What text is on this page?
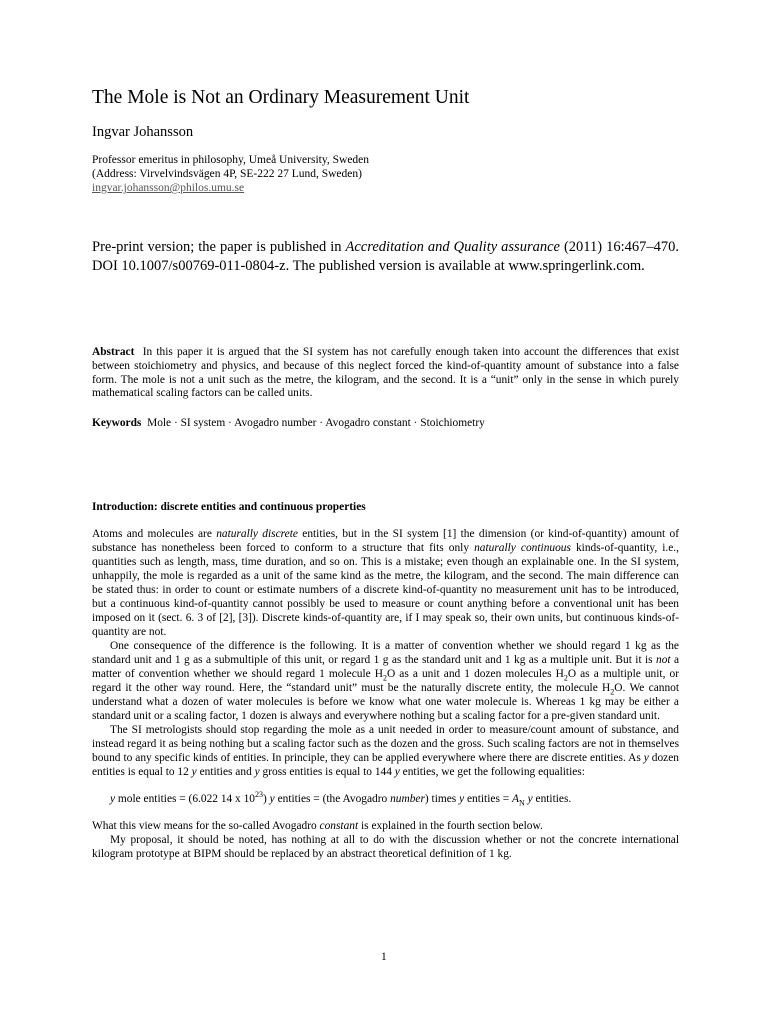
The Mole is Not an Ordinary Measurement Unit
Ingvar Johansson
Professor emeritus in philosophy, Umeå University, Sweden
(Address: Virvelvindsvägen 4P, SE-222 27 Lund, Sweden)
ingvar.johansson@philos.umu.se
Pre-print version; the paper is published in Accreditation and Quality assurance (2011) 16:467–470. DOI 10.1007/s00769-011-0804-z. The published version is available at www.springerlink.com.
Abstract In this paper it is argued that the SI system has not carefully enough taken into account the differences that exist between stoichiometry and physics, and because of this neglect forced the kind-of-quantity amount of substance into a false form. The mole is not a unit such as the metre, the kilogram, and the second. It is a “unit” only in the sense in which purely mathematical scaling factors can be called units.
Keywords Mole · SI system · Avogadro number · Avogadro constant · Stoichiometry
Introduction: discrete entities and continuous properties

Atoms and molecules are naturally discrete entities, but in the SI system [1] the dimension (or kind-of-quantity) amount of substance has nonetheless been forced to conform to a structure that fits only naturally continuous kinds-of-quantity, i.e., quantities such as length, mass, time duration, and so on. This is a mistake; even though an explainable one. In the SI system, unhappily, the mole is regarded as a unit of the same kind as the metre, the kilogram, and the second. The main difference can be stated thus: in order to count or estimate numbers of a discrete kind-of-quantity no measurement unit has to be introduced, but a continuous kind-of-quantity cannot possibly be used to measure or count anything before a conventional unit has been imposed on it (sect. 6. 3 of [2], [3]). Discrete kinds-of-quantity are, if I may speak so, their own units, but continuous kinds-of-quantity are not.

One consequence of the difference is the following. It is a matter of convention whether we should regard 1 kg as the standard unit and 1 g as a submultiple of this unit, or regard 1 g as the standard unit and 1 kg as a multiple unit. But it is not a matter of convention whether we should regard 1 molecule $H_2O$ as a unit and 1 dozen molecules $H_2O$ as a multiple unit, or regard it the other way round. Here, the “standard unit” must be the naturally discrete entity, the molecule $H_2O$. We cannot understand what a dozen of water molecules is before we know what one water molecule is. Whereas 1 kg may be either a standard unit or a scaling factor, 1 dozen is always and everywhere nothing but a scaling factor for a pre-given standard unit.

The SI metrologists should stop regarding the mole as a unit needed in order to measure/count amount of substance, and instead regard it as being nothing but a scaling factor such as the dozen and the gross. Such scaling factors are not in themselves bound to any specific kinds of entities. In principle, they can be applied everywhere where there are discrete entities. As y dozen entities is equal to 12 y entities and y gross entities is equal to 144 y entities, we get the following equalities:

y mole entities = (6.022 14 x $10^{23}$) y entities = (the Avogadro number) times y entities = $A_N$ y entities.

What this view means for the so-called Avogadro constant is explained in the fourth section below.

My proposal, it should be noted, has nothing at all to do with the discussion whether or not the concrete international kilogram prototype at BIPM should be replaced by an abstract theoretical definition of 1 kg.

1
